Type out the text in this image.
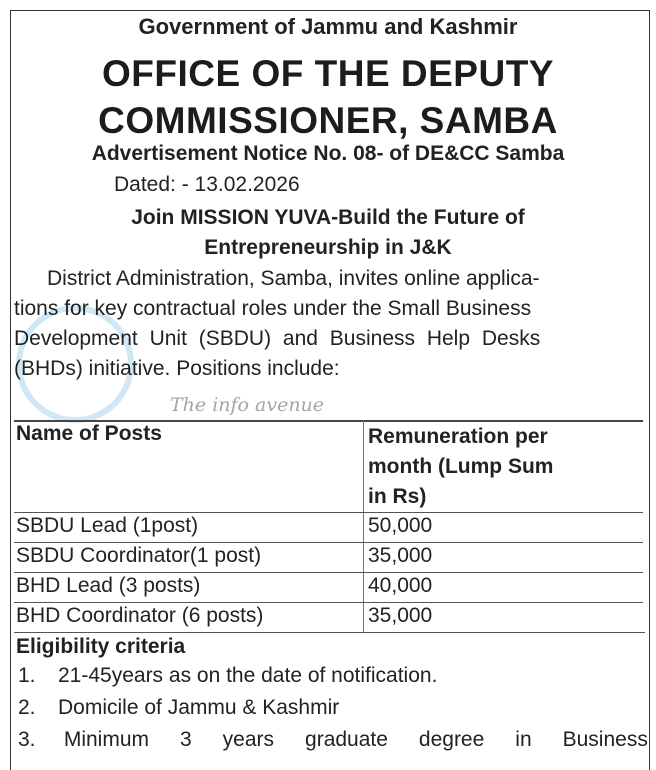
Government of Jammu and Kashmir
OFFICE OF THE DEPUTY
COMMISSIONER, SAMBA
Advertisement Notice No. 08- of DE&CC Samba
Dated: - 13.02.2026
Join MISSION YUVA-Build the Future of
Entrepreneurship in J&K
District Administration, Samba, invites online applica-
tions for key contractual roles under the Small Business
Development Unit (SBDU) and Business Help Desks
(BHDs) initiative. Positions include:
The info avenue
Name of Posts	Remuneration per
month (Lump Sum
in Rs)
SBDU Lead (1post)	50,000
SBDU Coordinator(1 post)	35,000
BHD Lead (3 posts)	40,000
BHD Coordinator (6 posts)	35,000
Eligibility criteria
1. 21-45years as on the date of notification.
2. Domicile of Jammu & Kashmir
3. Minimum 3 years graduate degree in Business
